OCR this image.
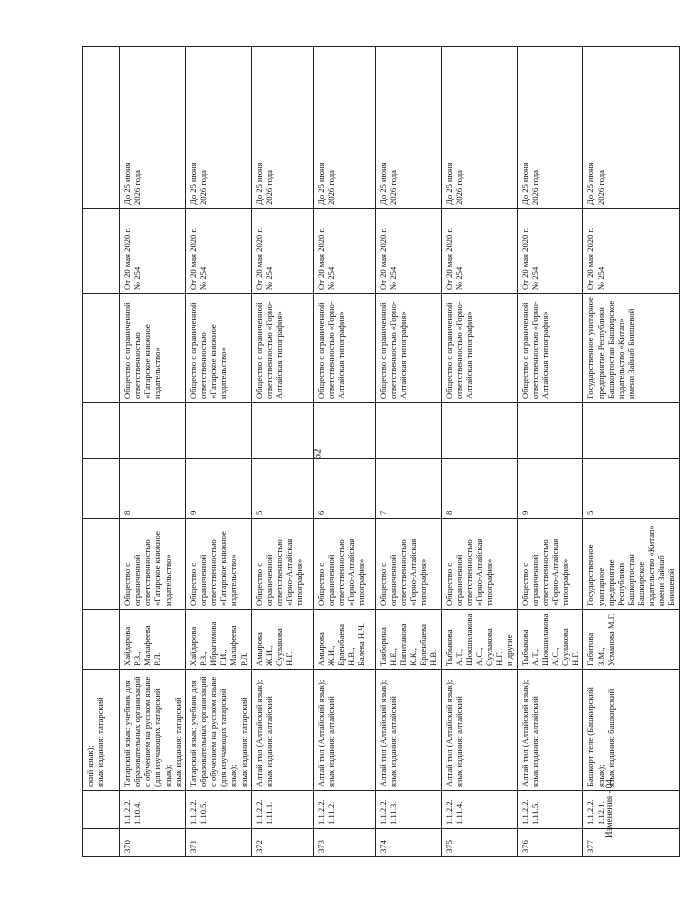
62
		ский язык);
язык издания: татарский							
370	1.1.2.2.
1.10.4.	Татарский язык: учебник для образовательных организаций с обучением на русском языке (для изучающих татарский язык);
язык издания: татарский	Хайдарова Р.З.,
Малафеева Р.Л.	Общество с ограниченной ответственностью «Гатарское книжное издательство»	8		Общество с ограниченной ответственностью «Гатарское книжное издательство»	От 20 мая 2020 г.
№ 254	До 25 июня
2026 года
371	1.1.2.2.
1.10.5.	Татарский язык: учебник для образовательных организаций с обучением на русском языке (для изучающих татарский язык);
язык издания: татарский	Хайдарова Р.З.,
Ибрагимова Г.И.,
Малафеева Р.Л.	Общество с ограниченной ответственностью «Гатарское книжное издательство»	9		Общество с ограниченной ответственностью «Гатарское книжное издательство»	От 20 мая 2020 г.
№ 254	До 25 июня
2026 года
372	1.1.2.2.
1.11.1.	Алтай тил (Алтайский язык);
язык издания: алтайский	Амырова Ж.И.,
Суулакова Н.Г.	Общество с ограниченной ответственностью «Горно-Алтайская типография»	5		Общество с ограниченной ответственностью «Горно-Алтайская типография»	От 20 мая 2020 г.
№ 254	До 25 июня
2026 года
373	1.1.2.2.
1.11.2.	Алтай тил (Алтайский язык);
язык издания: алтайский	Амырова Ж.И.,
Ерленбаева
Н.В.,
Балева Н.Ч.	Общество с ограниченной ответственностью «Горно-Алтайская типография»	6		Общество с ограниченной ответственностью «Горно-Алтайская типография»	От 20 мая 2020 г.
№ 254	До 25 июня
2026 года
374	1.1.2.2.
1.11.3.	Алтай тил (Алтайский язык);
язык издания: алтайский	Таяборина Н.Е.,
Папитакова К.К.,
Ерленбаева Н.В.	Общество с ограниченной ответственностью «Горно-Алтайская типография»	7		Общество с ограниченной ответственностью «Горно-Алтайская типография»	От 20 мая 2020 г.
№ 254	До 25 июня
2026 года
375	1.1.2.2.
1.11.4.	Алтай тил (Алтайский язык);
язык издания: алтайский	Тыбыкова А.Т.,
Шокшилакова
А.С.,
Суулакова Н.Г.
и другие	Общество с ограниченной ответственностью «Горно-Алтайская типография»	8		Общество с ограниченной ответственностью «Горно-Алтайская типография»	От 20 мая 2020 г.
№ 254	До 25 июня
2026 года
376	1.1.2.2.
1.11.5.	Алтай тил (Алтайский язык);
язык издания: алтайский	Тыбыкова А.Т.,
Шокшилакова
А.С.,
Суулакова Н.Г.	Общество с ограниченной ответственностью «Горно-Алтайская типография»	9		Общество с ограниченной ответственностью «Горно-Алтайская типография»	От 20 мая 2020 г.
№ 254	До 25 июня
2026 года
377	1.1.2.2.
1.12.1.	Башкорт теле (Башкирский язык);
язык издания: башкирский	Габитова З.М.,
Усманова М.Г.	Государственное унитарное предприятие Республики Башкортостан Башкирское издательство «Китап» имени Зайнаб Биишевой	5		Государственное унитарное предприятие Республики Башкортостан Башкирское издательство «Китап» имени Зайнаб Биишевой	От 20 мая 2020 г.
№ 254	До 25 июня
2026 года
Изменения - 04
